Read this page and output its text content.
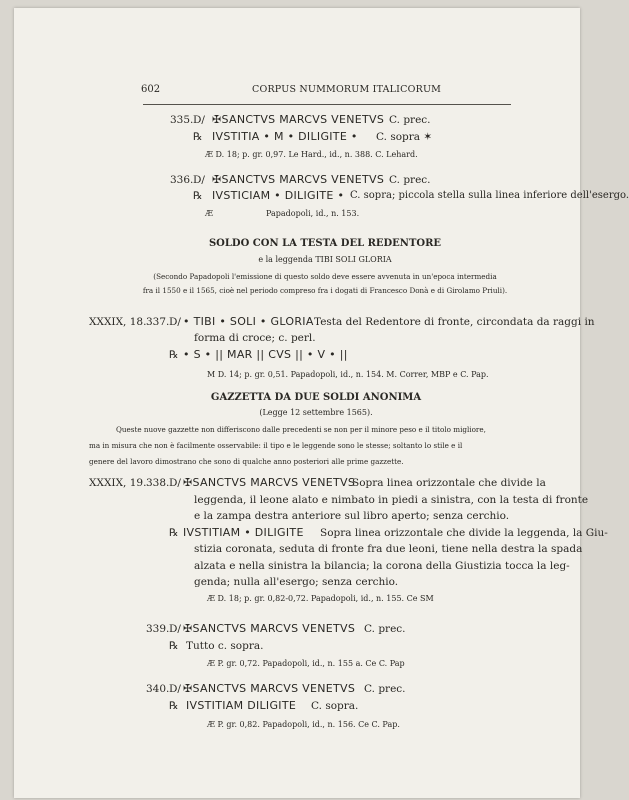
602	CORPUS NUMMORUM ITALICORUM
335. D/ ✠SANCTVS MARCVS VENETVS C. prec.
℞ IVSTITIA • M • DILIGITE • C. sopra ✶
Æ D. 18; p. gr. 0,97. Le Hard., id., n. 388. C. Lehard.
336. D/ ✠SANCTVS MARCVS VENETVS C. prec.
℞ IVSTICIAM • DILIGITE • C. sopra; piccola stella sulla linea inferiore dell'esergo.
Æ	Papadopoli, id., n. 153.
SOLDO CON LA TESTA DEL REDENTORE
e la leggenda TIBI SOLI GLORIA
(Secondo Papadopoli l'emissione di questo soldo deve essere avvenuta in un'epoca intermedia
fra il 1550 e il 1565, cioè nel periodo compreso fra i dogati di Francesco Donà e di Girolamo Priuli).
XXXIX, 18. 337. D/ • TIBI • SOLI • GLORIA Testa del Redentore di fronte, circondata da raggi in
forma di croce; c. perl.
℞ • S • || MAR || CVS || • V • ||
M D. 14; p. gr. 0,51. Papadopoli, id., n. 154. M. Correr, MBP e C. Pap.
GAZZETTA DA DUE SOLDI ANONIMA
(Legge 12 settembre 1565).
Queste nuove gazzette non differiscono dalle precedenti se non per il minore peso e il titolo migliore,
ma in misura che non è facilmente osservabile: il tipo e le leggende sono le stesse; soltanto lo stile e il
genere del lavoro dimostrano che sono di qualche anno posteriori alle prime gazzette.
XXXIX, 19. 338. D/ ✠SANCTVS MARCVS VENETVS
Sopra linea orizzontale che divide la
leggenda, il leone alato e nimbato in piedi a sinistra, con la testa di fronte
e la zampa destra anteriore sul libro aperto; senza cerchio.
℞ IVSTITIAM • DILIGITE Sopra linea orizzontale che divide la leggenda, la Giu-
stizia coronata, seduta di fronte fra due leoni, tiene nella destra la spada
alzata e nella sinistra la bilancia; la corona della Giustizia tocca la leg-
genda; nulla all'esergo; senza cerchio.
Æ D. 18; p. gr. 0,82-0,72. Papadopoli, id., n. 155. Ce SM
339. D/ ✠SANCTVS MARCVS VENETVS C. prec.
℞ Tutto c. sopra.
Æ P. gr. 0,72. Papadopoli, id., n. 155 a. Ce C. Pap
340. D/ ✠SANCTVS MARCVS VENETVS C. prec.
℞ IVSTITIAM DILIGITE C. sopra.
Æ P. gr. 0,82. Papadopoli, id., n. 156. Ce C. Pap.
